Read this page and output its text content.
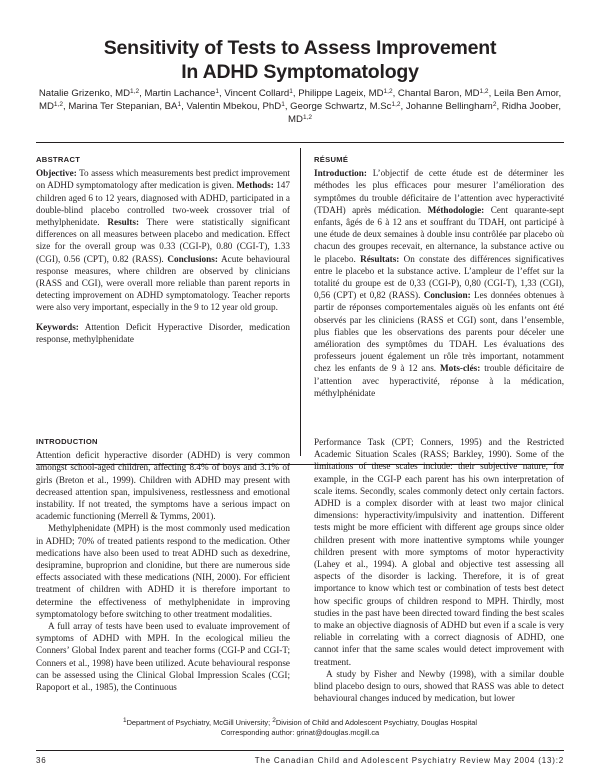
Sensitivity of Tests to Assess Improvement
In ADHD Symptomatology
Natalie Grizenko, MD$^{1,2}$, Martin Lachance$^1$, Vincent Collard$^1$, Philippe Lageix, MD$^{1,2}$, Chantal Baron, MD$^{1,2}$, Leila Ben Amor, MD$^{1,2}$, Marina Ter Stepanian, $BA^1$, Valentin Mbekou, PhD$^1$, George Schwartz, M.Sc$^{1,2}$, Johanne Bellingham$^2$, Ridha Joober, MD$^{1,2}$
ABSTRACT

Objective: To assess which measurements best predict improvement on ADHD symptomatology after medication is given. Methods: 147 children aged 6 to 12 years, diagnosed with ADHD, participated in a double-blind placebo controlled two-week crossover trial of methylphenidate. Results: There were statistically significant differences on all measures between placebo and medication. Effect size for the overall group was 0.33 (CGI-P), 0.80 (CGI-T), 1.33 (CGI), 0.56 (CPT), 0.82 (RASS). Conclusions: Acute behavioural response measures, where children are observed by clinicians (RASS and CGI), were overall more reliable than parent reports in detecting improvement on ADHD symptomatology. Teacher reports were also very important, especially in the 9 to 12 year old group.

Keywords: Attention Deficit Hyperactive Disorder, medication response, methylphenidate

RÉSUMÉ

Introduction: L’objectif de cette étude est de déterminer les méthodes les plus efficaces pour mesurer l’amélioration des symptômes du trouble déficitaire de l’attention avec hyperactivité (TDAH) après médication. Méthodologie: Cent quarante-sept enfants, âgés de 6 à 12 ans et souffrant du TDAH, ont participé à une étude de deux semaines à double insu contrôlée par placebo où chacun des groupes recevait, en alternance, la substance active ou le placebo. Résultats: On constate des différences significatives entre le placebo et la substance active. L’ampleur de l’effet sur la totalité du groupe est de 0,33 (CGI-P), 0,80 (CGI-T), 1,33 (CGI), 0,56 (CPT) et 0,82 (RASS). Conclusion: Les données obtenues à partir de réponses comportementales aiguës où les enfants ont été observés par les cliniciens (RASS et CGI) sont, dans l’ensemble, plus fiables que les observations des parents pour déceler une amélioration des symptômes du TDAH. Les évaluations des professeurs jouent également un rôle très important, notamment chez les enfants de 9 à 12 ans. Mots-clés: trouble déficitaire de l’attention avec hyperactivité, réponse à la médication, méthylphénidate

INTRODUCTION

Attention deficit hyperactive disorder (ADHD) is very common amongst school-aged children, affecting 8.4% of boys and 3.1% of girls (Breton et al., 1999). Children with ADHD may present with decreased attention span, impulsiveness, restlessness and emotional instability. If not treated, the symptoms have a serious impact on academic functioning (Merrell & Tymms, 2001).

Methylphenidate (MPH) is the most commonly used medication in ADHD; 70% of treated patients respond to the medication. Other medications have also been used to treat ADHD such as dexedrine, desipramine, buproprion and clonidine, but there are numerous side effects associated with these medications (NIH, 2000). For efficient treatment of children with ADHD it is therefore important to determine the effectiveness of methylphenidate in improving symptomatology before switching to other treatment modalities.

A full array of tests have been used to evaluate improvement of symptoms of ADHD with MPH. In the ecological milieu the Conners’ Global Index parent and teacher forms (CGI-P and CGI-T; Conners et al., 1998) have been utilized. Acute behavioural response can be assessed using the Clinical Global Impression Scales (CGI; Rapoport et al., 1985), the Continuous

Performance Task (CPT; Conners, 1995) and the Restricted Academic Situation Scales (RASS; Barkley, 1990). Some of the limitations of these scales include: their subjective nature, for example, in the CGI-P each parent has his own interpretation of scale items. Secondly, scales commonly detect only certain factors. ADHD is a complex disorder with at least two major clinical dimensions: hyperactivity/impulsivity and inattention. Different tests might be more efficient with different age groups since older children present with more inattentive symptoms while younger children present with more symptoms of motor hyperactivity (Lahey et al., 1994). A global and objective test assessing all aspects of the disorder is lacking. Therefore, it is of great importance to know which test or combination of tests best detect how specific groups of children respond to MPH. Thirdly, most studies in the past have been directed toward finding the best scales to make an objective diagnosis of ADHD but even if a scale is very reliable in correlating with a correct diagnosis of ADHD, one cannot infer that the same scales would detect improvement with treatment.

A study by Fisher and Newby (1998), with a similar double blind placebo design to ours, showed that RASS was able to detect behavioural changes induced by medication, but lower

$^1$Department of Psychiatry, McGill University; $^2$Division of Child and Adolescent Psychiatry, Douglas Hospital
Corresponding author: grinat@douglas.mcgill.ca
36	The Canadian Child and Adolescent Psychiatry Review May 2004 (13):2
